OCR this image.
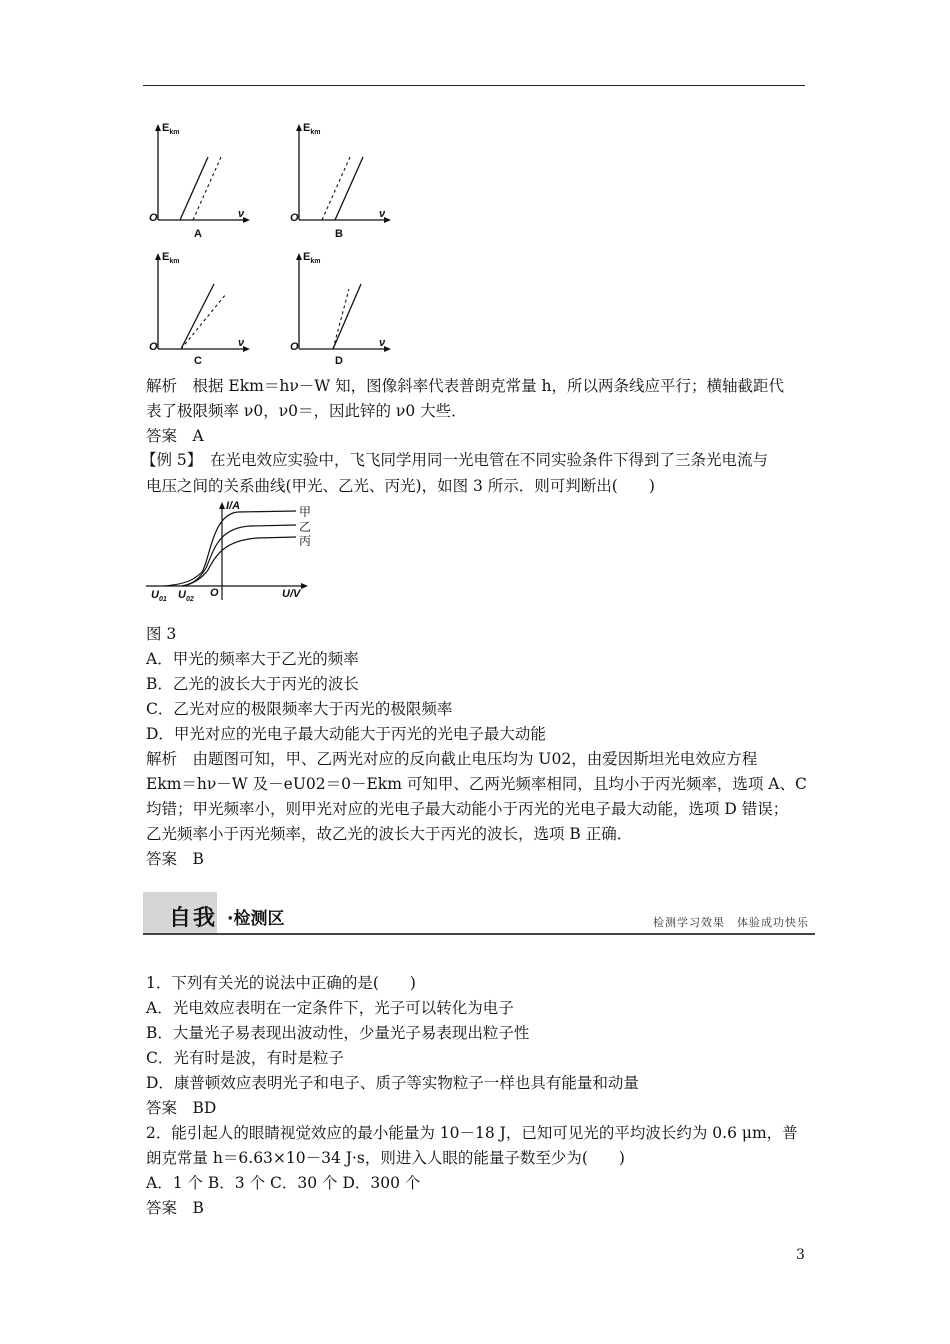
$E_{km}$
O	ν
A
$E_{km}$
O	ν
B
$E_{km}$
O	ν
C
$E_{km}$
O	ν
D
解析　根据 Ekm＝hν－W 知，图像斜率代表普朗克常量 h，所以两条线应平行；横轴截距代
表了极限频率 ν0，ν0＝，因此锌的 ν0 大些．
答案　A
【例 5】　在光电效应实验中，飞飞同学用同一光电管在不同实验条件下得到了三条光电流与
电压之间的关系曲线(甲光、乙光、丙光)，如图 3 所示．则可判断出(　　)
I/A
O	U/V
$U_{01}$ $U_{02}$
甲
乙
丙
图 3
A．甲光的频率大于乙光的频率
B．乙光的波长大于丙光的波长
C．乙光对应的极限频率大于丙光的极限频率
D．甲光对应的光电子最大动能大于丙光的光电子最大动能
解析　由题图可知，甲、乙两光对应的反向截止电压均为 U02，由爱因斯坦光电效应方程
Ekm＝hν－W 及－eU02＝0－Ekm 可知甲、乙两光频率相同，且均小于丙光频率，选项 A、C
均错；甲光频率小，则甲光对应的光电子最大动能小于丙光的光电子最大动能，选项 D 错误；
乙光频率小于丙光频率，故乙光的波长大于丙光的波长，选项 B 正确．
答案　B
自我 ·检测区	检测学习效果　体验成功快乐
1．下列有关光的说法中正确的是(　　)
A．光电效应表明在一定条件下，光子可以转化为电子
B．大量光子易表现出波动性，少量光子易表现出粒子性
C．光有时是波，有时是粒子
D．康普顿效应表明光子和电子、质子等实物粒子一样也具有能量和动量
答案　BD
2．能引起人的眼睛视觉效应的最小能量为 10－18 J，已知可见光的平均波长约为 0.6 μm，普
朗克常量 h＝6.63×10－34 J·s，则进入人眼的能量子数至少为(　　)
A．1 个 B．3 个 C．30 个 D．300 个
答案　B
3
